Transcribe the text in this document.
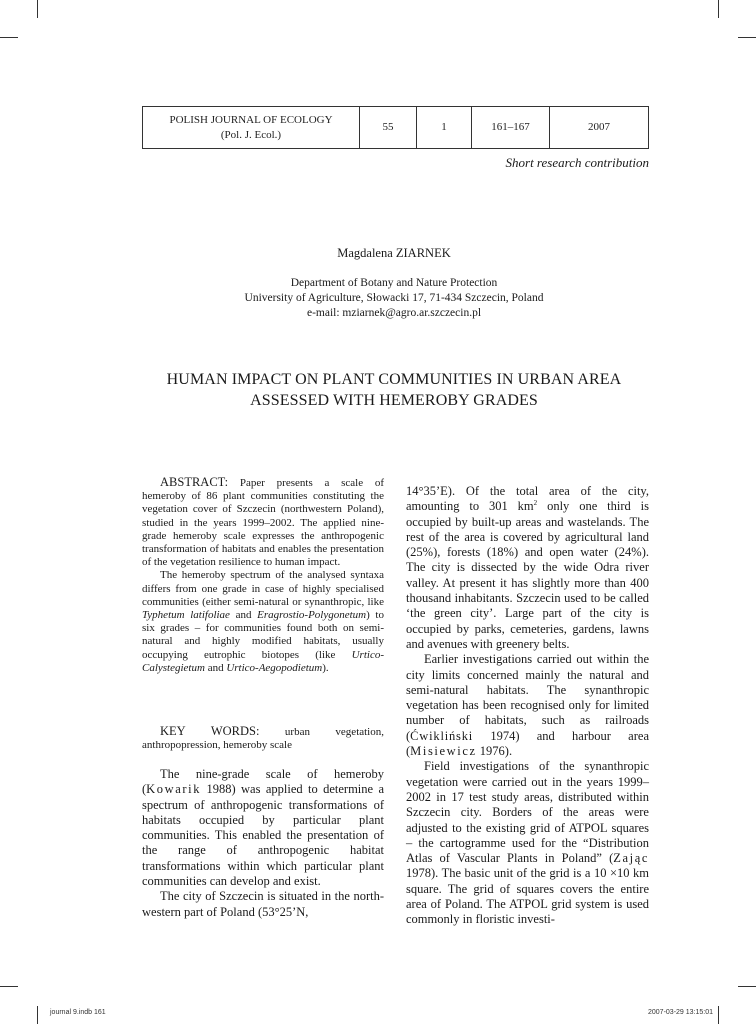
POLISH JOURNAL OF ECOLOGY
(Pol. J. Ecol.)
	55	1	161–167	2007
Short research contribution
Magdalena ZIARNEK
Department of Botany and Nature Protection
University of Agriculture, Słowacki 17, 71-434 Szczecin, Poland
e-mail: mziarnek@agro.ar.szczecin.pl
HUMAN IMPACT ON PLANT COMMUNITIES IN URBAN AREA
ASSESSED WITH HEMEROBY GRADES

ABSTRACT: Paper presents a scale of hemeroby of 86 plant communities constituting the vegetation cover of Szczecin (northwestern Poland), studied in the years 1999–2002. The applied nine-grade hemeroby scale expresses the anthropogenic transformation of habitats and enables the presentation of the vegetation resilience to human impact.

The hemeroby spectrum of the analysed syntaxa differs from one grade in case of highly specialised communities (either semi-natural or synanthropic, like Typhetum latifoliae and Eragrostio-Polygonetum) to six grades – for communities found both on semi-natural and highly modified habitats, usually occupying eutrophic biotopes (like Urtico-Calystegietum and Urtico-Aegopodietum).

KEY WORDS: urban vegetation, anthropopression, hemeroby scale

The nine-grade scale of hemeroby (Kowarik 1988) was applied to determine a spectrum of anthropogenic transformations of habitats occupied by particular plant communities. This enabled the presentation of the range of anthropogenic habitat transformations within which particular plant communities can develop and exist.

The city of Szczecin is situated in the north-western part of Poland (53°25’N,

14°35’E). Of the total area of the city, amounting to 301 $km^2$ only one third is occupied by built-up areas and wastelands. The rest of the area is covered by agricultural land (25%), forests (18%) and open water (24%). The city is dissected by the wide Odra river valley. At present it has slightly more than 400 thousand inhabitants. Szczecin used to be called ‘the green city’. Large part of the city is occupied by parks, cemeteries, gardens, lawns and avenues with greenery belts.

Earlier investigations carried out within the city limits concerned mainly the natural and semi-natural habitats. The synanthropic vegetation has been recognised only for limited number of habitats, such as railroads (Ćwikliński 1974) and harbour area (Misiewicz 1976).

Field investigations of the synanthropic vegetation were carried out in the years 1999–2002 in 17 test study areas, distributed within Szczecin city. Borders of the areas were adjusted to the existing grid of ATPOL squares – the cartogramme used for the “Distribution Atlas of Vascular Plants in Poland” (Zając 1978). The basic unit of the grid is a 10 ×10 km square. The grid of squares covers the entire area of Poland. The ATPOL grid system is used commonly in floristic investi-

journal 9.indb 161	2007-03-29 13:15:01
